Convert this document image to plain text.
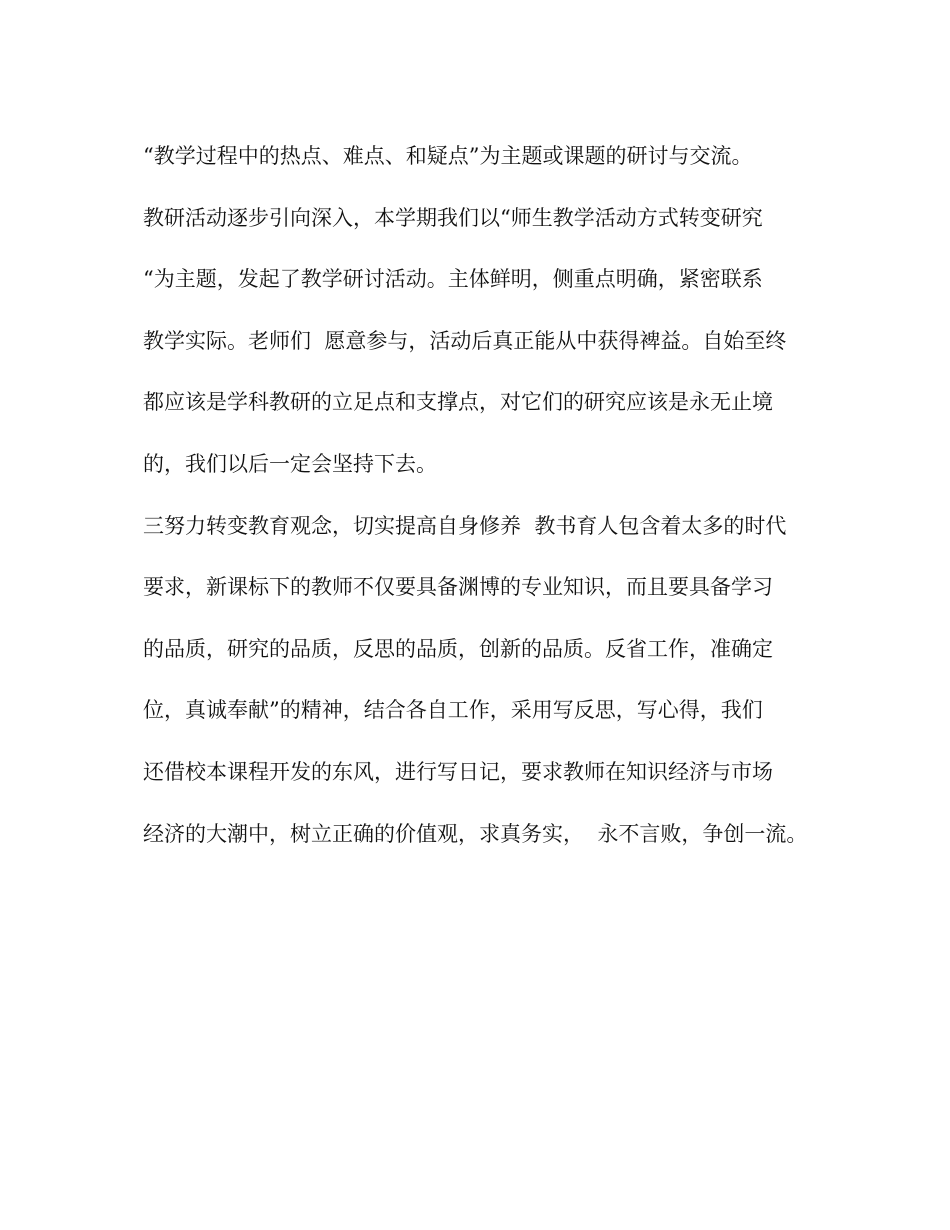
“教学过程中的热点、难点、和疑点”为主题或课题的研讨与交流。
教研活动逐步引向深入，本学期我们以“师生教学活动方式转变研究
“为主题，发起了教学研讨活动。主体鲜明，侧重点明确，紧密联系
教学实际。老师们  愿意参与，活动后真正能从中获得裨益。自始至终
都应该是学科教研的立足点和支撑点，对它们的研究应该是永无止境
的，我们以后一定会坚持下去。
三努力转变教育观念，切实提高自身修养  教书育人包含着太多的时代
要求，新课标下的教师不仅要具备渊博的专业知识，而且要具备学习
的品质，研究的品质，反思的品质，创新的品质。反省工作，准确定
位，真诚奉献”的精神，结合各自工作，采用写反思，写心得，我们
还借校本课程开发的东风，进行写日记，要求教师在知识经济与市场
经济的大潮中，树立正确的价值观，求真务实，  永不言败，争创一流。
